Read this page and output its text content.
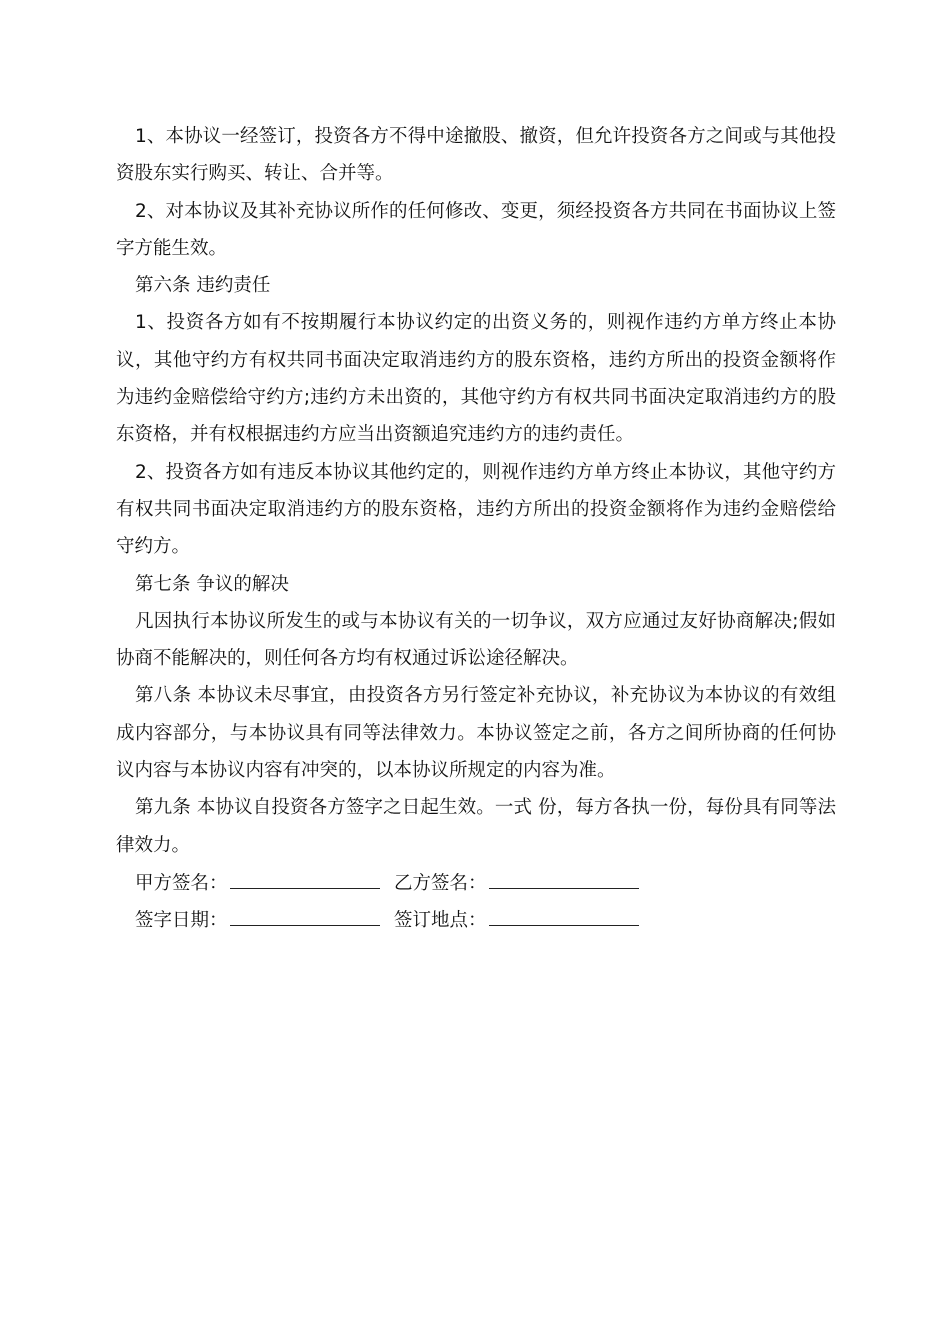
1、本协议一经签订，投资各方不得中途撤股、撤资，但允许投资各方之间或与其他投资股东实行购买、转让、合并等。

2、对本协议及其补充协议所作的任何修改、变更，须经投资各方共同在书面协议上签字方能生效。

第六条 违约责任

1、投资各方如有不按期履行本协议约定的出资义务的，则视作违约方单方终止本协议，其他守约方有权共同书面决定取消违约方的股东资格，违约方所出的投资金额将作为违约金赔偿给守约方;违约方未出资的，其他守约方有权共同书面决定取消违约方的股东资格，并有权根据违约方应当出资额追究违约方的违约责任。

2、投资各方如有违反本协议其他约定的，则视作违约方单方终止本协议，其他守约方有权共同书面决定取消违约方的股东资格，违约方所出的投资金额将作为违约金赔偿给守约方。

第七条 争议的解决

凡因执行本协议所发生的或与本协议有关的一切争议，双方应通过友好协商解决;假如协商不能解决的，则任何各方均有权通过诉讼途径解决。

第八条 本协议未尽事宜，由投资各方另行签定补充协议，补充协议为本协议的有效组成内容部分，与本协议具有同等法律效力。本协议签定之前，各方之间所协商的任何协议内容与本协议内容有冲突的，以本协议所规定的内容为准。

第九条 本协议自投资各方签字之日起生效。一式 份，每方各执一份，每份具有同等法律效力。

甲方签名：	乙方签名：
签字日期：	签订地点：
